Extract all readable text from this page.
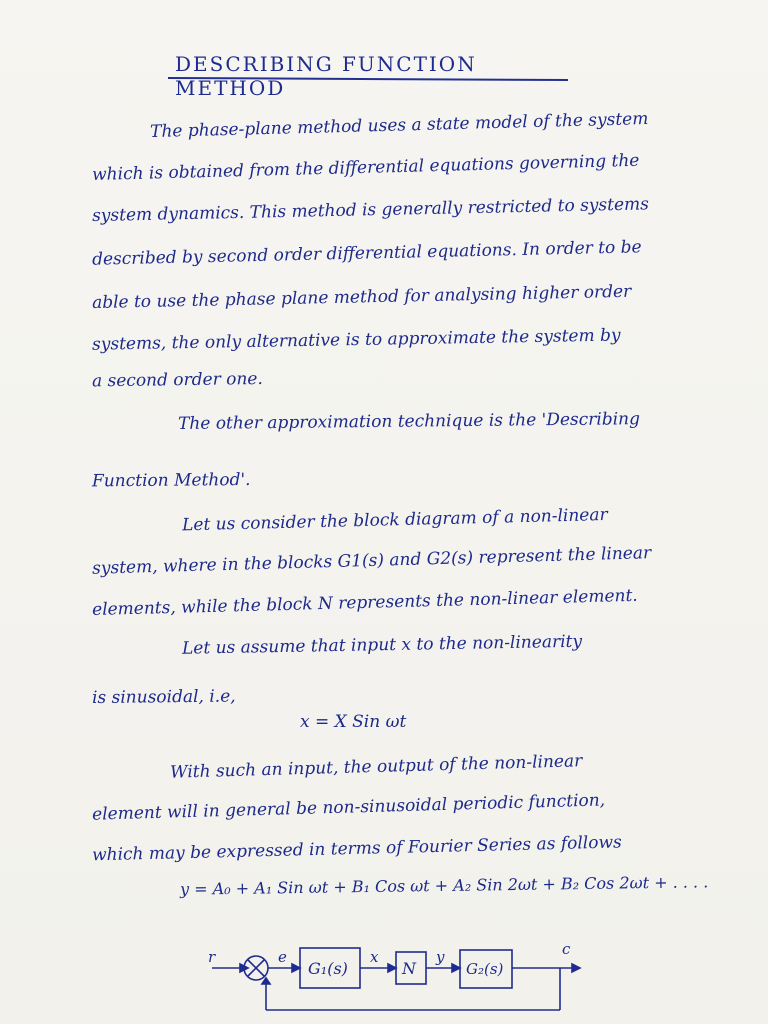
DESCRIBING FUNCTION METHOD
The phase-plane method uses a state model of the system
which is obtained from the differential equations governing the
system dynamics. This method is generally restricted to systems
described by second order differential equations. In order to be
able to use the phase plane method for analysing higher order
systems, the only alternative is to approximate the system by
a second order one.
The other approximation technique is the 'Describing
Function Method'.
Let us consider the block diagram of a non-linear
system, where in the blocks G1(s) and G2(s) represent the linear
elements, while the block N represents the non-linear element.
Let us assume that input x to the non-linearity
is sinusoidal, i.e,
x = X Sin ωt
With such an input, the output of the non-linear
element will in general be non-sinusoidal periodic function,
which may be expressed in terms of Fourier Series as follows
y = A₀ + A₁ Sin ωt + B₁ Cos ωt + A₂ Sin 2ωt + B₂ Cos 2ωt + . . . .
r	e
G₁(s)
x
N
y
G₂(s)
c
